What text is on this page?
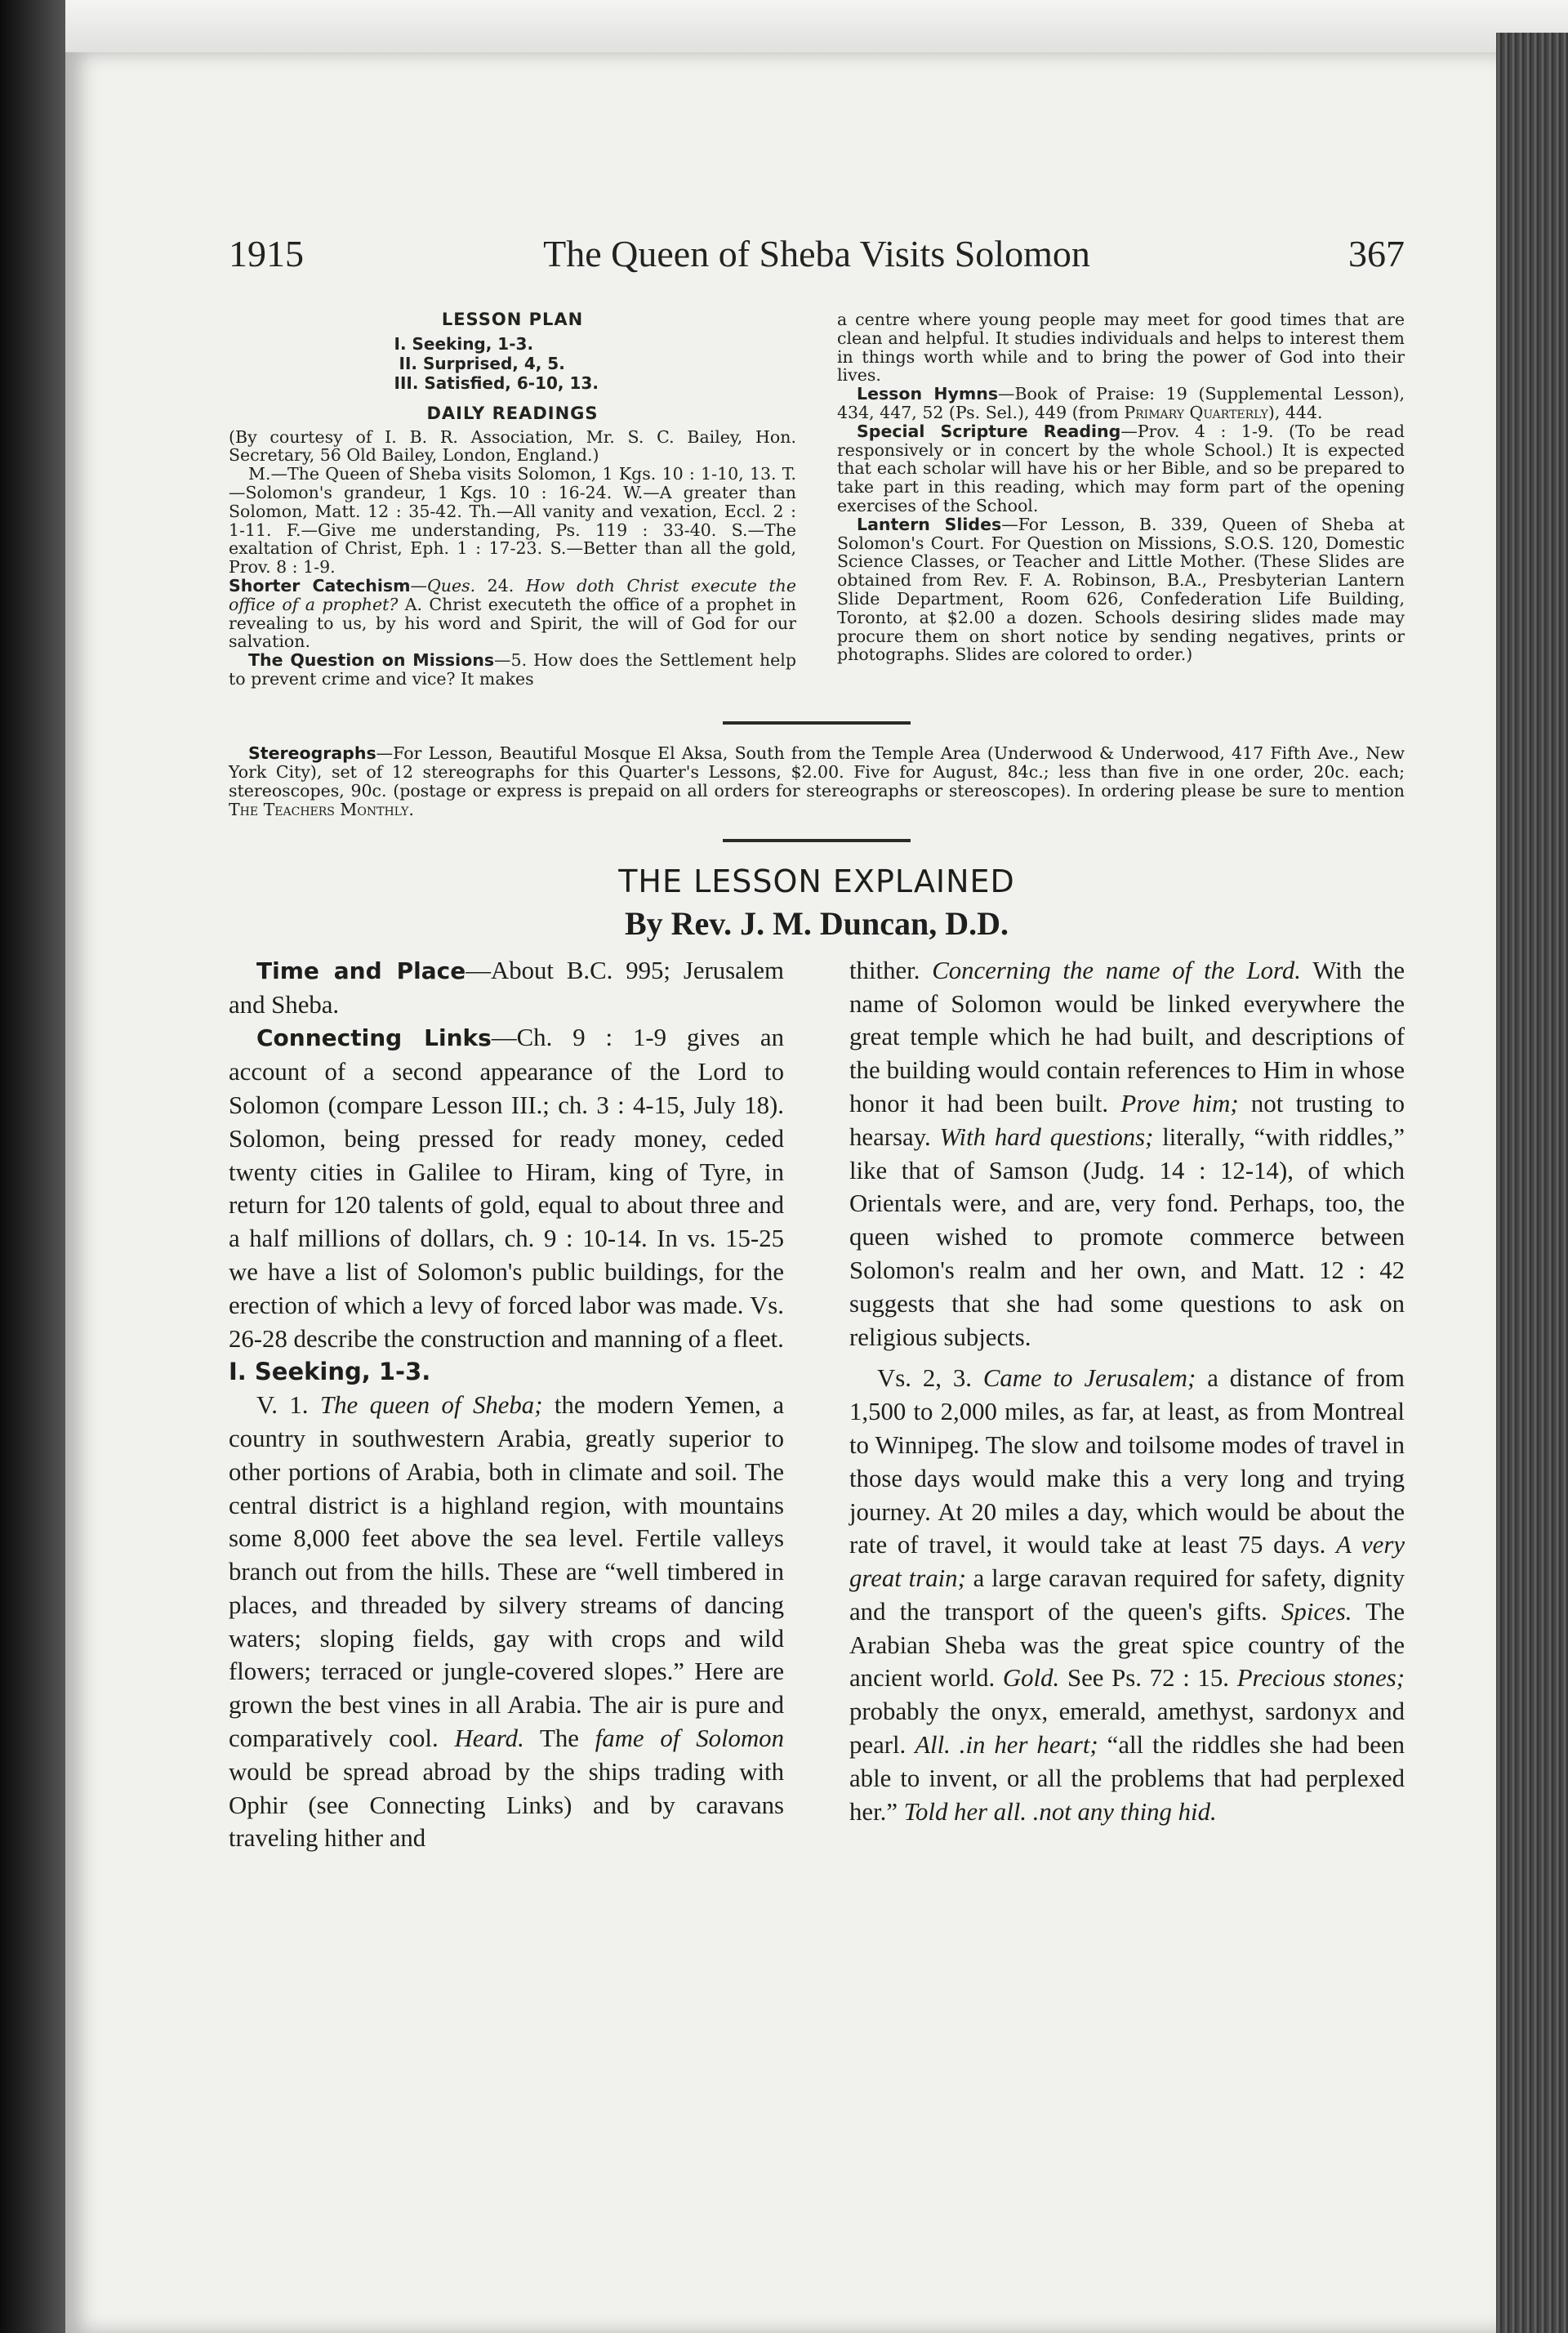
1915	The Queen of Sheba Visits Solomon	367
LESSON PLAN
I. Seeking, 1-3.
II. Surprised, 4, 5.
III. Satisfied, 6-10, 13.
DAILY READINGS

(By courtesy of I. B. R. Association, Mr. S. C. Bailey, Hon. Secretary, 56 Old Bailey, London, England.)

M.—The Queen of Sheba visits Solomon, 1 Kgs. 10 : 1-10, 13. T.—Solomon's grandeur, 1 Kgs. 10 : 16-24. W.—A greater than Solomon, Matt. 12 : 35-42. Th.—All vanity and vexation, Eccl. 2 : 1-11. F.—Give me understanding, Ps. 119 : 33-40. S.—The exaltation of Christ, Eph. 1 : 17-23. S.—Better than all the gold, Prov. 8 : 1-9.

Shorter Catechism—Ques. 24. How doth Christ execute the office of a prophet? A. Christ executeth the office of a prophet in revealing to us, by his word and Spirit, the will of God for our salvation.

The Question on Missions—5. How does the Settlement help to prevent crime and vice? It makes

a centre where young people may meet for good times that are clean and helpful. It studies individuals and helps to interest them in things worth while and to bring the power of God into their lives.

Lesson Hymns—Book of Praise: 19 (Supplemental Lesson), 434, 447, 52 (Ps. Sel.), 449 (from Primary Quarterly), 444.

Special Scripture Reading—Prov. 4 : 1-9. (To be read responsively or in concert by the whole School.) It is expected that each scholar will have his or her Bible, and so be prepared to take part in this reading, which may form part of the opening exercises of the School.

Lantern Slides—For Lesson, B. 339, Queen of Sheba at Solomon's Court. For Question on Missions, S.O.S. 120, Domestic Science Classes, or Teacher and Little Mother. (These Slides are obtained from Rev. F. A. Robinson, B.A., Presbyterian Lantern Slide Department, Room 626, Confederation Life Building, Toronto, at $2.00 a dozen. Schools desiring slides made may procure them on short notice by sending negatives, prints or photographs. Slides are colored to order.)

Stereographs—For Lesson, Beautiful Mosque El Aksa, South from the Temple Area (Underwood & Underwood, 417 Fifth Ave., New York City), set of 12 stereographs for this Quarter's Lessons, $2.00. Five for August, 84c.; less than five in one order, 20c. each; stereoscopes, 90c. (postage or express is prepaid on all orders for stereographs or stereoscopes). In ordering please be sure to mention The Teachers Monthly.

THE LESSON EXPLAINED
By Rev. J. M. Duncan, D.D.

Time and Place—About B.C. 995; Jerusalem and Sheba.

Connecting Links—Ch. 9 : 1-9 gives an account of a second appearance of the Lord to Solomon (compare Lesson III.; ch. 3 : 4-15, July 18). Solomon, being pressed for ready money, ceded twenty cities in Galilee to Hiram, king of Tyre, in return for 120 talents of gold, equal to about three and a half millions of dollars, ch. 9 : 10-14. In vs. 15-25 we have a list of Solomon's public buildings, for the erection of which a levy of forced labor was made. Vs. 26-28 describe the construction and manning of a fleet.

I. Seeking, 1-3.

V. 1. The queen of Sheba; the modern Yemen, a country in southwestern Arabia, greatly superior to other portions of Arabia, both in climate and soil. The central district is a highland region, with mountains some 8,000 feet above the sea level. Fertile valleys branch out from the hills. These are “well timbered in places, and threaded by silvery streams of dancing waters; sloping fields, gay with crops and wild flowers; terraced or jungle-covered slopes.” Here are grown the best vines in all Arabia. The air is pure and comparatively cool. Heard. The fame of Solomon would be spread abroad by the ships trading with Ophir (see Connecting Links) and by caravans traveling hither and

thither. Concerning the name of the Lord. With the name of Solomon would be linked everywhere the great temple which he had built, and descriptions of the building would contain references to Him in whose honor it had been built. Prove him; not trusting to hearsay. With hard questions; literally, “with riddles,” like that of Samson (Judg. 14 : 12-14), of which Orientals were, and are, very fond. Perhaps, too, the queen wished to promote commerce between Solomon's realm and her own, and Matt. 12 : 42 suggests that she had some questions to ask on religious subjects.

Vs. 2, 3. Came to Jerusalem; a distance of from 1,500 to 2,000 miles, as far, at least, as from Montreal to Winnipeg. The slow and toilsome modes of travel in those days would make this a very long and trying journey. At 20 miles a day, which would be about the rate of travel, it would take at least 75 days. A very great train; a large caravan required for safety, dignity and the transport of the queen's gifts. Spices. The Arabian Sheba was the great spice country of the ancient world. Gold. See Ps. 72 : 15. Precious stones; probably the onyx, emerald, amethyst, sardonyx and pearl. All. .in her heart; “all the riddles she had been able to invent, or all the problems that had perplexed her.” Told her all. .not any thing hid.
